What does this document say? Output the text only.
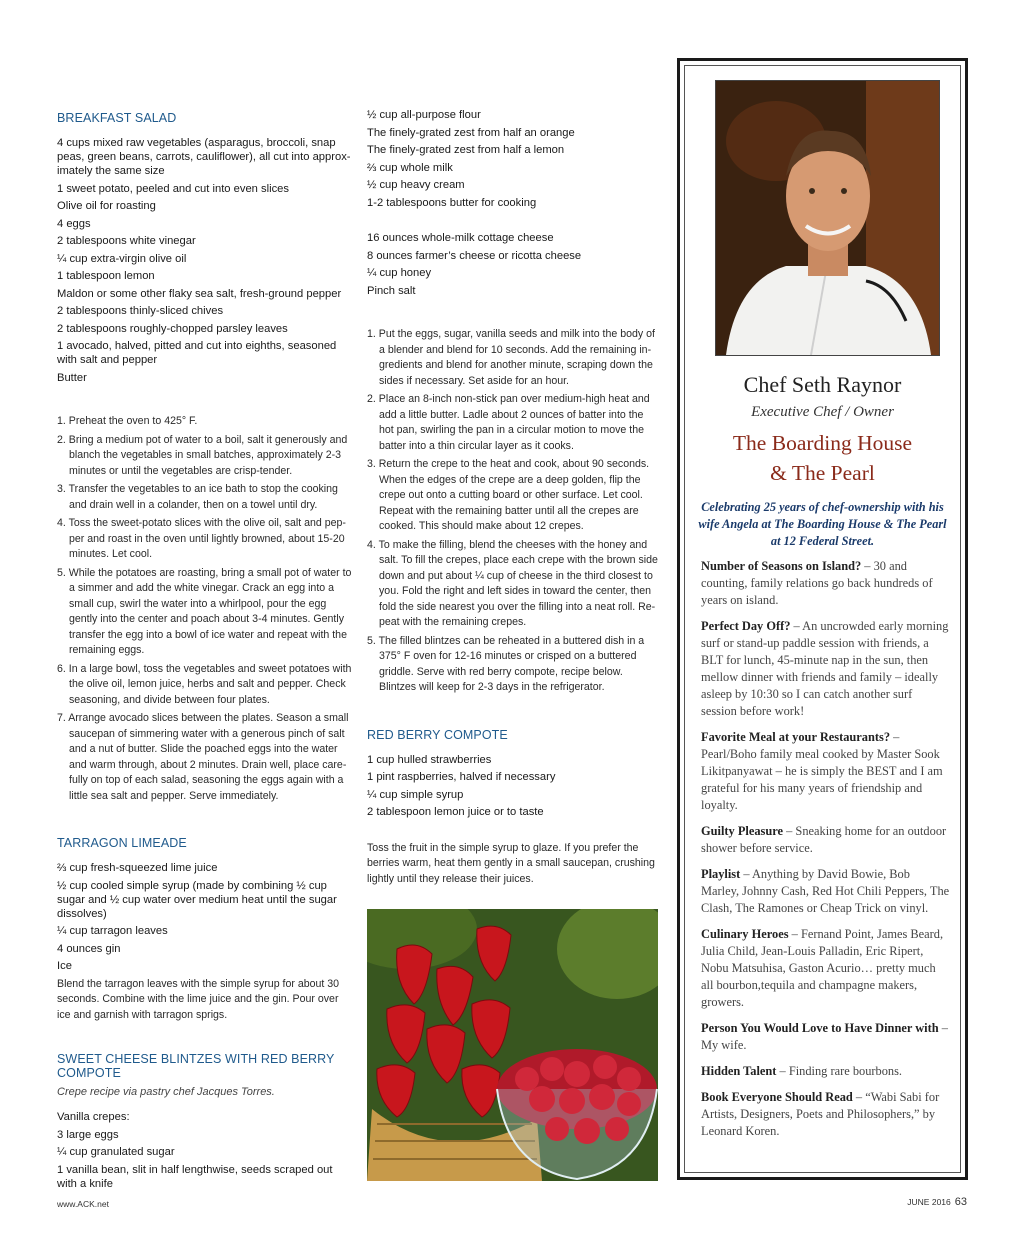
BREAKFAST SALAD

4 cups mixed raw vegetables (asparagus, broccoli, snap peas, green beans, carrots, cauliflower), all cut into approx-imately the same size

1 sweet potato, peeled and cut into even slices

Olive oil for roasting

4 eggs

2 tablespoons white vinegar

¼ cup extra-virgin olive oil

1 tablespoon lemon

Maldon or some other flaky sea salt, fresh-ground pepper

2 tablespoons thinly-sliced chives

2 tablespoons roughly-chopped parsley leaves

1 avocado, halved, pitted and cut into eighths, seasoned with salt and pepper

Butter

1. Preheat the oven to 425° F.
2. Bring a medium pot of water to a boil, salt it generously and blanch the vegetables in small batches, approximately 2-3 minutes or until the vegetables are crisp-tender.
3. Transfer the vegetables to an ice bath to stop the cooking and drain well in a colander, then on a towel until dry.
4. Toss the sweet-potato slices with the olive oil, salt and pep-per and roast in the oven until lightly browned, about 15-20 minutes. Let cool.
5. While the potatoes are roasting, bring a small pot of water to a simmer and add the white vinegar. Crack an egg into a small cup, swirl the water into a whirlpool, pour the egg gently into the center and poach about 3-4 minutes. Gently transfer the egg into a bowl of ice water and repeat with the remaining eggs.
6. In a large bowl, toss the vegetables and sweet potatoes with the olive oil, lemon juice, herbs and salt and pepper. Check seasoning, and divide between four plates.
7. Arrange avocado slices between the plates. Season a small saucepan of simmering water with a generous pinch of salt and a nut of butter. Slide the poached eggs into the water and warm through, about 2 minutes. Drain well, place care-fully on top of each salad, seasoning the eggs again with a little sea salt and pepper. Serve immediately.
TARRAGON LIMEADE

⅔ cup fresh-squeezed lime juice

½ cup cooled simple syrup (made by combining ½ cup sugar and ½ cup water over medium heat until the sugar dissolves)

¼ cup tarragon leaves

4 ounces gin

Ice

Blend the tarragon leaves with the simple syrup for about 30 seconds. Combine with the lime juice and the gin. Pour over ice and garnish with tarragon sprigs.

SWEET CHEESE BLINTZES WITH RED BERRY COMPOTE

Crepe recipe via pastry chef Jacques Torres.

Vanilla crepes:

3 large eggs

¼ cup granulated sugar

1 vanilla bean, slit in half lengthwise, seeds scraped out with a knife

½ cup all-purpose flour

The finely-grated zest from half an orange

The finely-grated zest from half a lemon

⅔ cup whole milk

½ cup heavy cream

1-2 tablespoons butter for cooking

16 ounces whole-milk cottage cheese

8 ounces farmer’s cheese or ricotta cheese

¼ cup honey

Pinch salt

1. Put the eggs, sugar, vanilla seeds and milk into the body of a blender and blend for 10 seconds. Add the remaining in-gredients and blend for another minute, scraping down the sides if necessary. Set aside for an hour.
2. Place an 8-inch non-stick pan over medium-high heat and add a little butter. Ladle about 2 ounces of batter into the hot pan, swirling the pan in a circular motion to move the batter into a thin circular layer as it cooks.
3. Return the crepe to the heat and cook, about 90 seconds. When the edges of the crepe are a deep golden, flip the crepe out onto a cutting board or other surface. Let cool. Repeat with the remaining batter until all the crepes are cooked. This should make about 12 crepes.
4. To make the filling, blend the cheeses with the honey and salt. To fill the crepes, place each crepe with the brown side down and put about ¼ cup of cheese in the third closest to you. Fold the right and left sides in toward the center, then fold the side nearest you over the filling into a neat roll. Re-peat with the remaining crepes.
5. The filled blintzes can be reheated in a buttered dish in a 375° F oven for 12-16 minutes or crisped on a buttered griddle. Serve with red berry compote, recipe below. Blintzes will keep for 2-3 days in the refrigerator.
RED BERRY COMPOTE

1 cup hulled strawberries

1 pint raspberries, halved if necessary

¼ cup simple syrup

2 tablespoon lemon juice or to taste

Toss the fruit in the simple syrup to glaze. If you prefer the berries warm, heat them gently in a small saucepan, crushing lightly until they release their juices.

Chef Seth Raynor
Executive Chef / Owner
The Boarding House
& The Pearl
Celebrating 25 years of chef-ownership with his wife Angela at The Boarding House & The Pearl at 12 Federal Street.

Number of Seasons on Island? – 30 and counting, family relations go back hundreds of years on island.

Perfect Day Off? – An uncrowded early morning surf or stand-up paddle session with friends, a BLT for lunch, 45-minute nap in the sun, then mellow dinner with friends and family – ideally asleep by 10:30 so I can catch another surf session before work!

Favorite Meal at your Restaurants? – Pearl/Boho family meal cooked by Master Sook Likitpanyawat – he is simply the BEST and I am grateful for his many years of friendship and loyalty.

Guilty Pleasure – Sneaking home for an outdoor shower before service.

Playlist – Anything by David Bowie, Bob Marley, Johnny Cash, Red Hot Chili Peppers, The Clash, The Ramones or Cheap Trick on vinyl.

Culinary Heroes – Fernand Point, James Beard, Julia Child, Jean-Louis Palladin, Eric Ripert, Nobu Matsuhisa, Gaston Acurio… pretty much all bourbon,tequila and champagne makers, growers.

Person You Would Love to Have Dinner with – My wife.

Hidden Talent – Finding rare bourbons.

Book Everyone Should Read – “Wabi Sabi for Artists, Designers, Poets and Philosophers,” by Leonard Koren.

www.ACK.net	JUNE 2016 63
